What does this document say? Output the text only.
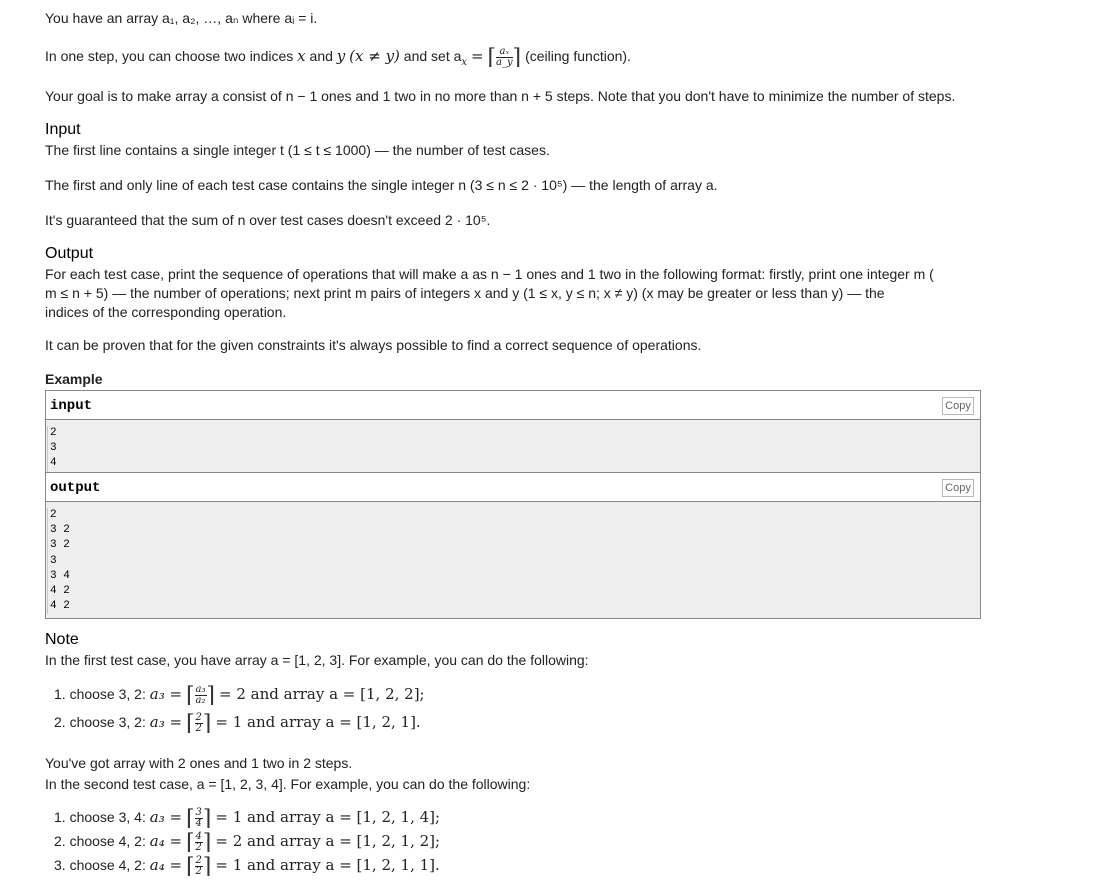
You have an array a₁, a₂, …, aₙ where aᵢ = i.
In one step, you can choose two indices x and y (x ≠ y) and set $a_x$ = ⌈ $\frac{\text{aₓ}}{a\_y}$ ⌉ (ceiling function).
Your goal is to make array a consist of n − 1 ones and 1 two in no more than n + 5 steps. Note that you don't have to minimize the number of steps.
Input
The first line contains a single integer t (1 ≤ t ≤ 1000) — the number of test cases.
The first and only line of each test case contains the single integer n (3 ≤ n ≤ 2 · 10⁵) — the length of array a.
It's guaranteed that the sum of n over test cases doesn't exceed 2 · 10⁵.
Output
For each test case, print the sequence of operations that will make a as n − 1 ones and 1 two in the following format: firstly, print one integer m (
m ≤ n + 5) — the number of operations; next print m pairs of integers x and y (1 ≤ x, y ≤ n; x ≠ y) (x may be greater or less than y) — the
indices of the corresponding operation.
It can be proven that for the given constraints it's always possible to find a correct sequence of operations.
Example
input	Copy
2
3
4
output	Copy
2
3 2
3 2
3
3 4
4 2
4 2
Note
In the first test case, you have array a = [1, 2, 3]. For example, you can do the following:
1. choose 3, 2: a₃ = ⌈ $\frac{\text{a₃}}{\text{a₂}}$ ⌉ = 2 and array a = [1, 2, 2];
2. choose 3, 2: a₃ = ⌈ $\frac{2}{2}$ ⌉ = 1 and array a = [1, 2, 1].
You've got array with 2 ones and 1 two in 2 steps.
In the second test case, a = [1, 2, 3, 4]. For example, you can do the following:
1. choose 3, 4: a₃ = ⌈ $\frac{3}{4}$ ⌉ = 1 and array a = [1, 2, 1, 4];
2. choose 4, 2: a₄ = ⌈ $\frac{4}{2}$ ⌉ = 2 and array a = [1, 2, 1, 2];
3. choose 4, 2: a₄ = ⌈ $\frac{2}{2}$ ⌉ = 1 and array a = [1, 2, 1, 1].
